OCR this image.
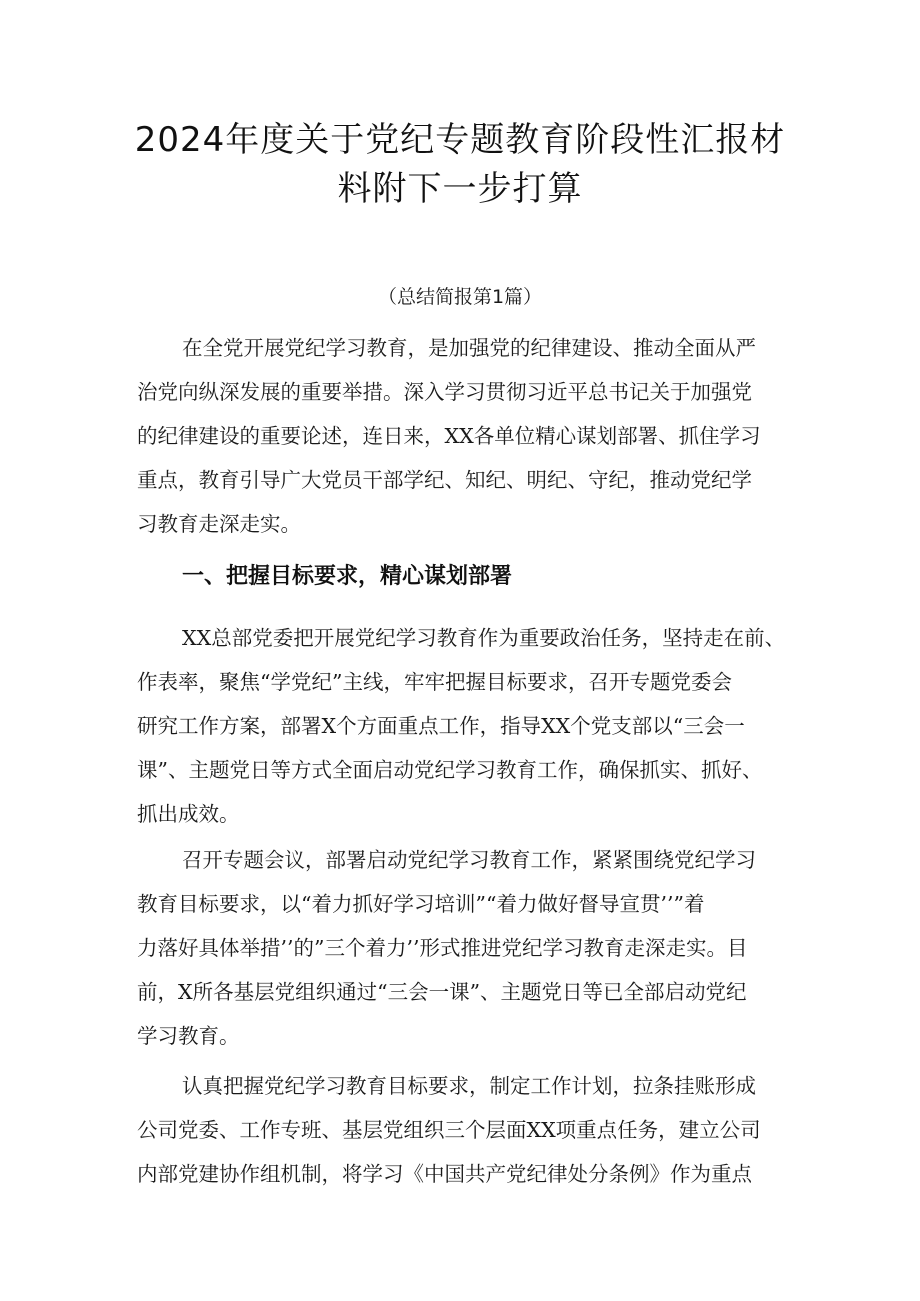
2024年度关于党纪专题教育阶段性汇报材
料附下一步打算
（总结简报第1篇）
在全党开展党纪学习教育，是加强党的纪律建设、推动全面从严
治党向纵深发展的重要举措。深入学习贯彻习近平总书记关于加强党
的纪律建设的重要论述，连日来，XX各单位精心谋划部署、抓住学习
重点，教育引导广大党员干部学纪、知纪、明纪、守纪，推动党纪学
习教育走深走实。
一、把握目标要求，精心谋划部署
XX总部党委把开展党纪学习教育作为重要政治任务，坚持走在前、
作表率，聚焦“学党纪”主线，牢牢把握目标要求，召开专题党委会
研究工作方案，部署X个方面重点工作，指导XX个党支部以“三会一
课”、主题党日等方式全面启动党纪学习教育工作，确保抓实、抓好、
抓出成效。
召开专题会议，部署启动党纪学习教育工作，紧紧围绕党纪学习
教育目标要求，以“着力抓好学习培训”“着力做好督导宣贯’’”着
力落好具体举措’’的”三个着力’’形式推进党纪学习教育走深走实。目
前，X所各基层党组织通过“三会一课”、主题党日等已全部启动党纪
学习教育。
认真把握党纪学习教育目标要求，制定工作计划，拉条挂账形成
公司党委、工作专班、基层党组织三个层面XX项重点任务，建立公司
内部党建协作组机制，将学习《中国共产党纪律处分条例》作为重点
